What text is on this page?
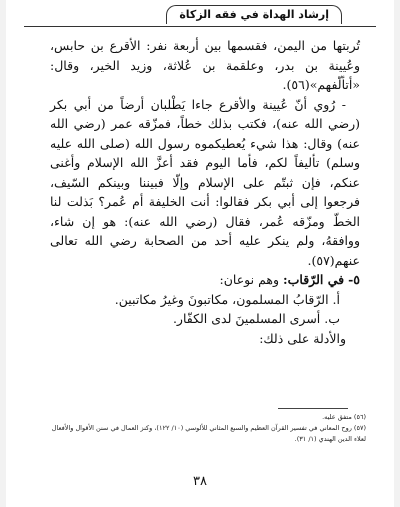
إرشاد الهداة في فقه الزكاة

تُربتها من اليمن، فقسمها بين أربعة نفر: الأقرع بن حابس، وعُيينة بن بدر، وعلقمة بن عُلاثة، وزيد الخير، وقال: «أتألّفهم»(٥٦).

- رُوي أنّ عُيينة والأقرع جاءا يَطْلبان أرضاً من أبي بكر (رضي الله عنه)، فكتب بذلك خطاً، فمزّقه عمر (رضي الله عنه) وقال: هذا شيء يُعطيكموه رسول الله (صلى الله عليه وسلم) تأليفاً لكم، فأما اليوم فقد أعزَّ الله الإسلام وأغنى عنكم، فإن ثبتّم على الإسلام وإلّا فبيننا وبينكم السّيف، فرجعوا إلى أبي بكر فقالوا: أنت الخليفة أم عُمر؟ بَذلت لنا الخطّ ومزّقه عُمر، فقال (رضي الله عنه): هو إن شاء، ووافقهُ، ولم ينكر عليه أحد من الصحابة رضي الله تعالى عنهم(٥٧).

٥- في الرّقاب: وهم نوعان:

أ. الرّقابُ المسلمون، مكاتبونَ وغيرُ مكاتبين.

ب. أسرى المسلمينَ لدى الكفّار.

والأدلة على ذلك:

(٥٦) متفق عليه.

(٥٧) روح المعاني في تفسير القرآن العظيم والسبع المثاني للألوسي (١٠/ ١٢٢)، وكنز العمال في سنن الأقوال والأفعال لعلاء الدين الهندي (١/ ٣١).

٣٨
